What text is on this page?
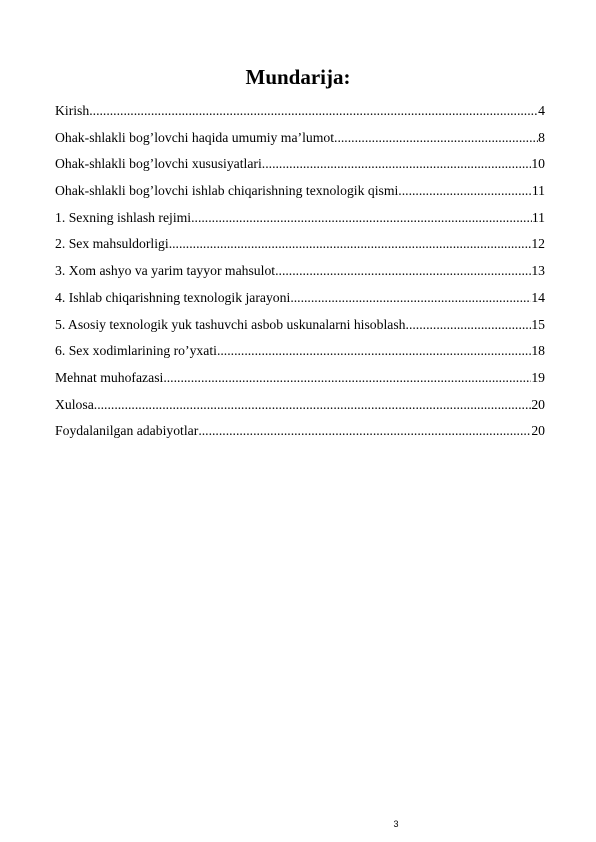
Mundarija:
Kirish .....	4
Ohak-shlakli bog’lovchi haqida umumiy ma’lumot .....	8
Ohak-shlakli bog’lovchi xususiyatlari .....	10
Ohak-shlakli bog’lovchi ishlab chiqarishning texnologik qismi .....	11
1. Sexning ishlash rejimi .....	11
2. Sex mahsuldorligi .....	12
3. Xom ashyo va yarim tayyor mahsulot .....	13
4. Ishlab chiqarishning texnologik jarayoni .....	14
5. Asosiy texnologik yuk tashuvchi asbob uskunalarni hisoblash .....	15
6. Sex xodimlarining ro’yxati .....	18
Mehnat muhofazasi .....	19
Xulosa .....	20
Foydalanilgan adabiyotlar .....	20
3
